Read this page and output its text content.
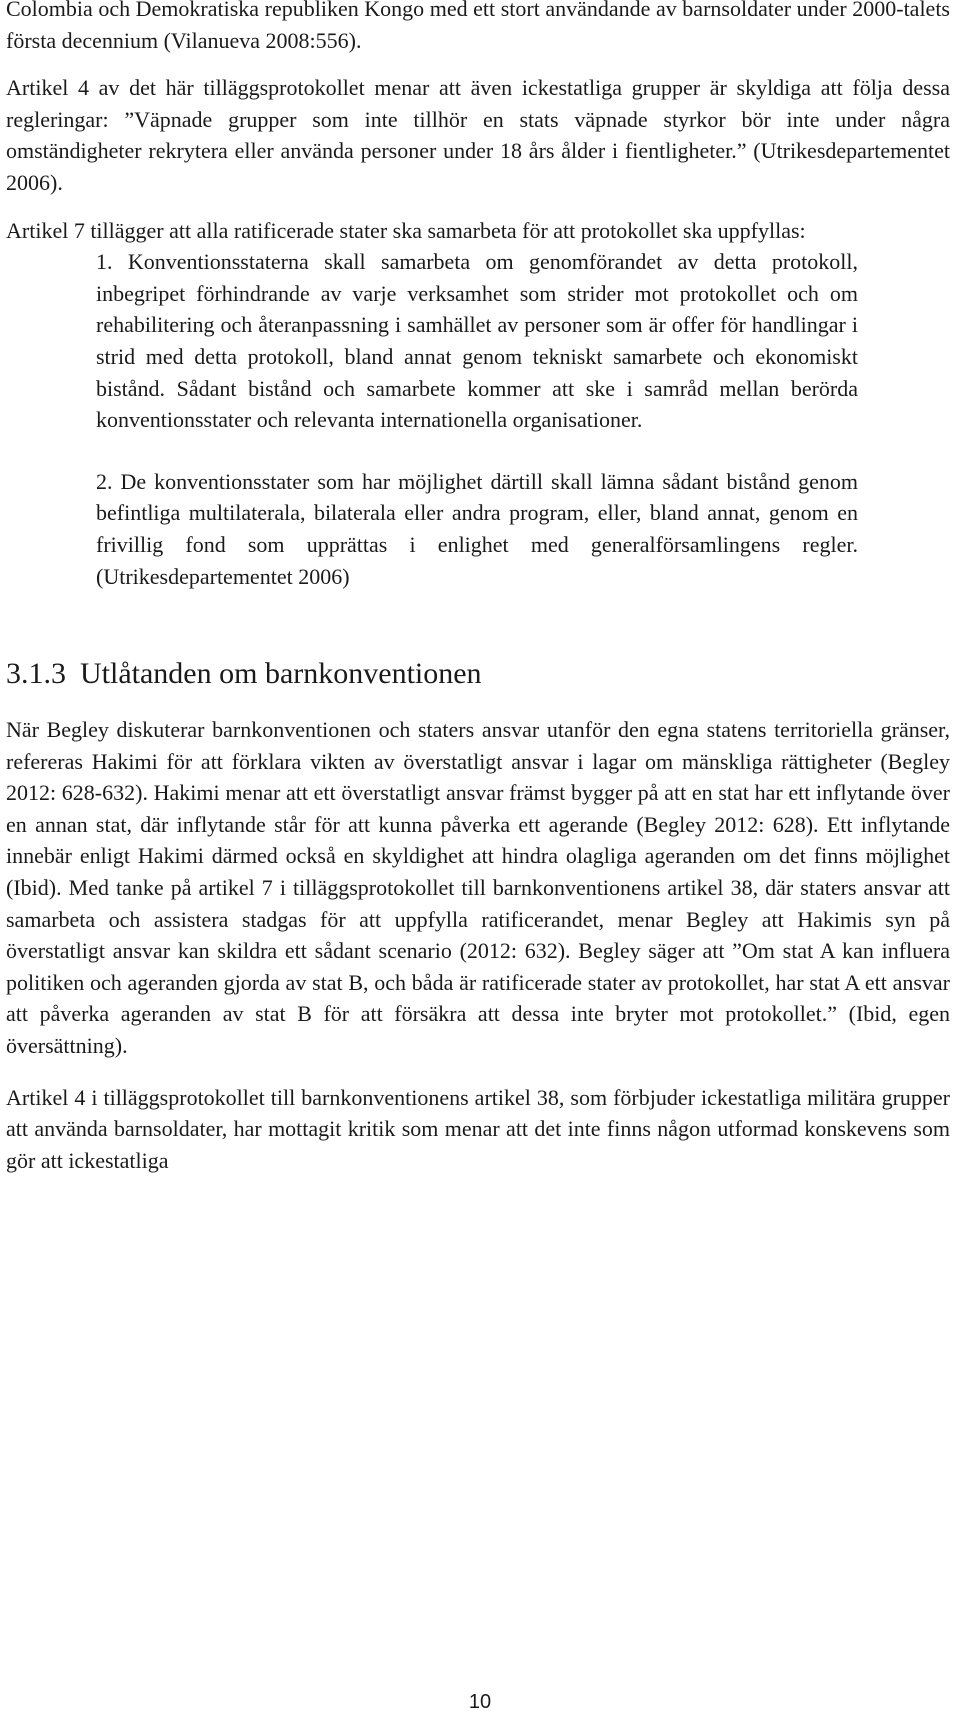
Colombia och Demokratiska republiken Kongo med ett stort användande av barnsoldater under 2000-talets första decennium (Vilanueva 2008:556).

Artikel 4 av det här tilläggsprotokollet menar att även ickestatliga grupper är skyldiga att följa dessa regleringar: ”Väpnade grupper som inte tillhör en stats väpnade styrkor bör inte under några omständigheter rekrytera eller använda personer under 18 års ålder i fientligheter.” (Utrikesdepartementet 2006).

Artikel 7 tillägger att alla ratificerade stater ska samarbeta för att protokollet ska uppfyllas:

1. Konventionsstaterna skall samarbeta om genomförandet av detta protokoll, inbegripet förhindrande av varje verksamhet som strider mot protokollet och om rehabilitering och återanpassning i samhället av personer som är offer för handlingar i strid med detta protokoll, bland annat genom tekniskt samarbete och ekonomiskt bistånd. Sådant bistånd och samarbete kommer att ske i samråd mellan berörda konventionsstater och relevanta internationella organisationer.

2. De konventionsstater som har möjlighet därtill skall lämna sådant bistånd genom befintliga multilaterala, bilaterala eller andra program, eller, bland annat, genom en frivillig fond som upprättas i enlighet med generalförsamlingens regler. (Utrikesdepartementet 2006)

3.1.3 Utlåtanden om barnkonventionen

När Begley diskuterar barnkonventionen och staters ansvar utanför den egna statens territoriella gränser, refereras Hakimi för att förklara vikten av överstatligt ansvar i lagar om mänskliga rättigheter (Begley 2012: 628-632). Hakimi menar att ett överstatligt ansvar främst bygger på att en stat har ett inflytande över en annan stat, där inflytande står för att kunna påverka ett agerande (Begley 2012: 628). Ett inflytande innebär enligt Hakimi därmed också en skyldighet att hindra olagliga ageranden om det finns möjlighet (Ibid). Med tanke på artikel 7 i tilläggsprotokollet till barnkonventionens artikel 38, där staters ansvar att samarbeta och assistera stadgas för att uppfylla ratificerandet, menar Begley att Hakimis syn på överstatligt ansvar kan skildra ett sådant scenario (2012: 632). Begley säger att ”Om stat A kan influera politiken och ageranden gjorda av stat B, och båda är ratificerade stater av protokollet, har stat A ett ansvar att påverka ageranden av stat B för att försäkra att dessa inte bryter mot protokollet.” (Ibid, egen översättning).

Artikel 4 i tilläggsprotokollet till barnkonventionens artikel 38, som förbjuder ickestatliga militära grupper att använda barnsoldater, har mottagit kritik som menar att det inte finns någon utformad konskevens som gör att ickestatliga

10
